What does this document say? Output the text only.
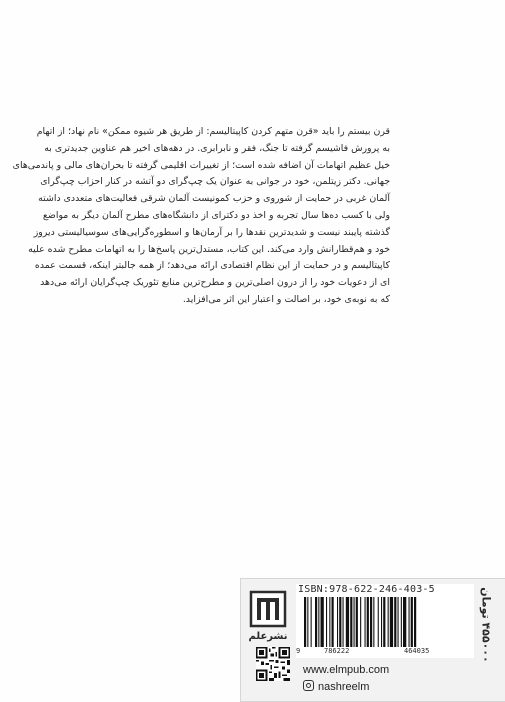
قرن بیستم را باید «قرن متهم کردن کاپیتالیسم: از طریق هر شیوه ممکن» نام نهاد؛ از اتهام
به پرورش فاشیسم گرفته تا جنگ، فقر و نابرابری. در دهه‌های اخیر هم عناوین جدیدتری به
خیل عظیم اتهامات آن اضافه شده است؛ از تغییرات اقلیمی گرفته تا بحران‌های مالی و پاندمی‌های
جهانی. دکتر زیتلمن، خود در جوانی به عنوان یک چپ‌گرای دو آتشه در کنار احزاب چپ‌گرای
آلمان غربی در حمایت از شوروی و حزب کمونیست آلمان شرقی فعالیت‌های متعددی داشته
ولی با کسب ده‌ها سال تجربه و اخذ دو دکترای از دانشگاه‌های مطرح آلمان دیگر به مواضع
گذشته پایبند نیست و شدیدترین نقدها را بر آرمان‌ها و اسطوره‌گرایی‌های سوسیالیستی دیروز
خود و هم‌قطارانش وارد می‌کند. این کتاب، مستدل‌ترین پاسخ‌ها را به اتهامات مطرح شده علیه
کاپیتالیسم و در حمایت از این نظام اقتصادی ارائه می‌دهد؛ از همه جالبتر اینکه، قسمت عمده
ای از دعویات خود را از درون اصلی‌ترین و مطرح‌ترین منابع تئوریک چپ‌گرایان ارائه می‌دهد
که به نوبه‌ی خود، بر اصالت و اعتبار این اثر می‌افزاید.
نشرعلم
ISBN:978-622-246-403-5
9	786222	464035
۴۵۵۰۰۰ تومان
www.elmpub.com
nashreelm
